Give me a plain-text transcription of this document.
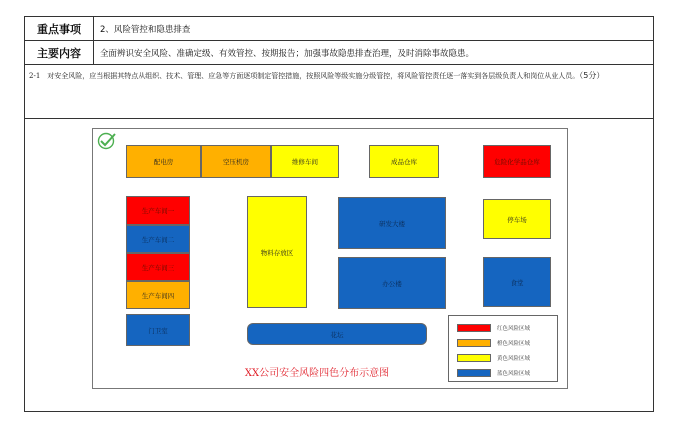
重点事项	2、风险管控和隐患排查
主要内容	全面辨识安全风险、准确定级、有效管控、按期报告；加强事故隐患排查治理，及时消除事故隐患。
2-1　对安全风险，应当根据其特点从组织、技术、管理、应急等方面逐项制定管控措施，按照风险等级实施分级管控，将风险管控责任逐一落实到各层级负责人和岗位从业人员。（5分）
配电房	空压机房	维修车间	成品仓库	危险化学品仓库
生产车间一
生产车间二
生产车间三
生产车间四
物料存放区
研发大楼
办公楼
停车场
食堂
门卫室	花坛
红色风险区域
橙色风险区域
黄色风险区域
蓝色风险区域
XX公司安全风险四色分布示意图
